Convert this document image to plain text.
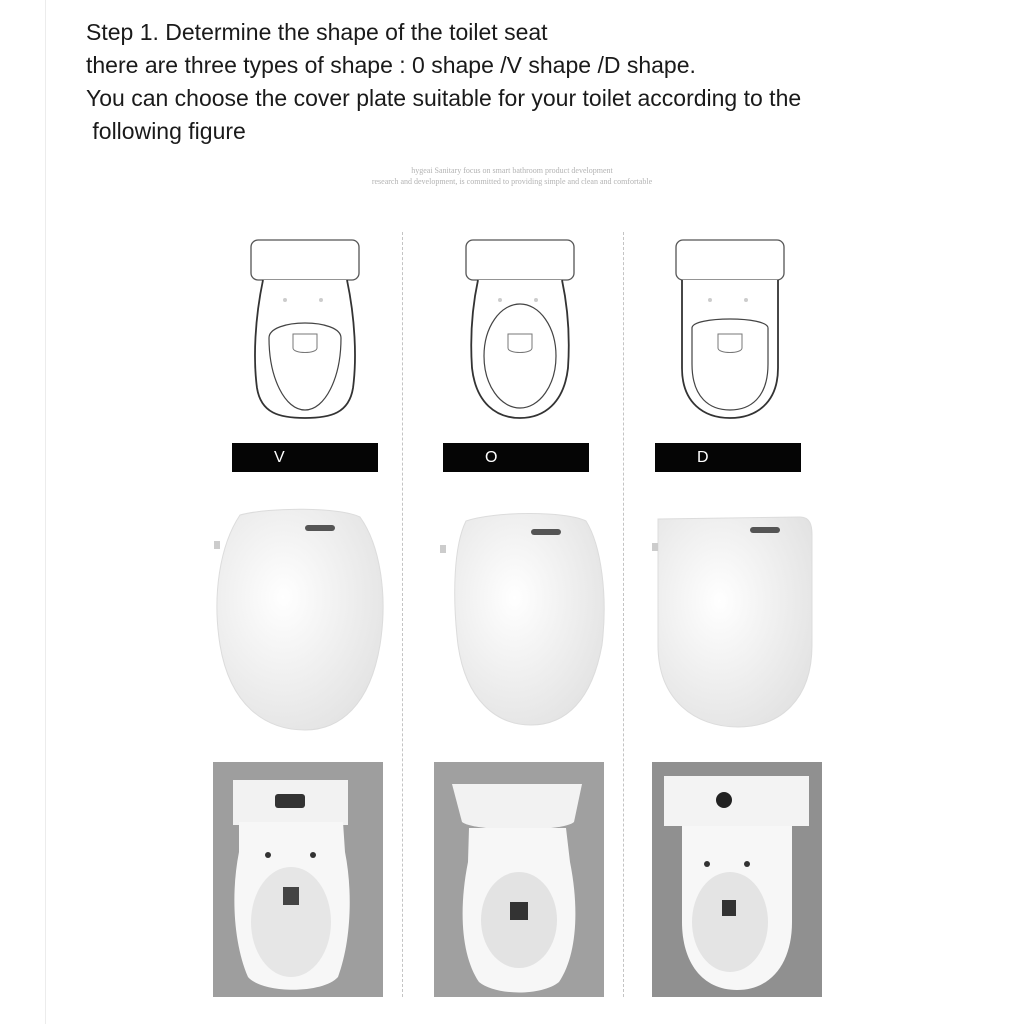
Step 1. Determine the shape of the toilet seat
there are three types of shape : 0 shape /V shape /D shape.
You can choose the cover plate suitable for your toilet according to the
following figure
hygeai Sanitary focus on smart bathroom product development
research and development, is committed to providing simple and clean and comfortable
V	O	D
